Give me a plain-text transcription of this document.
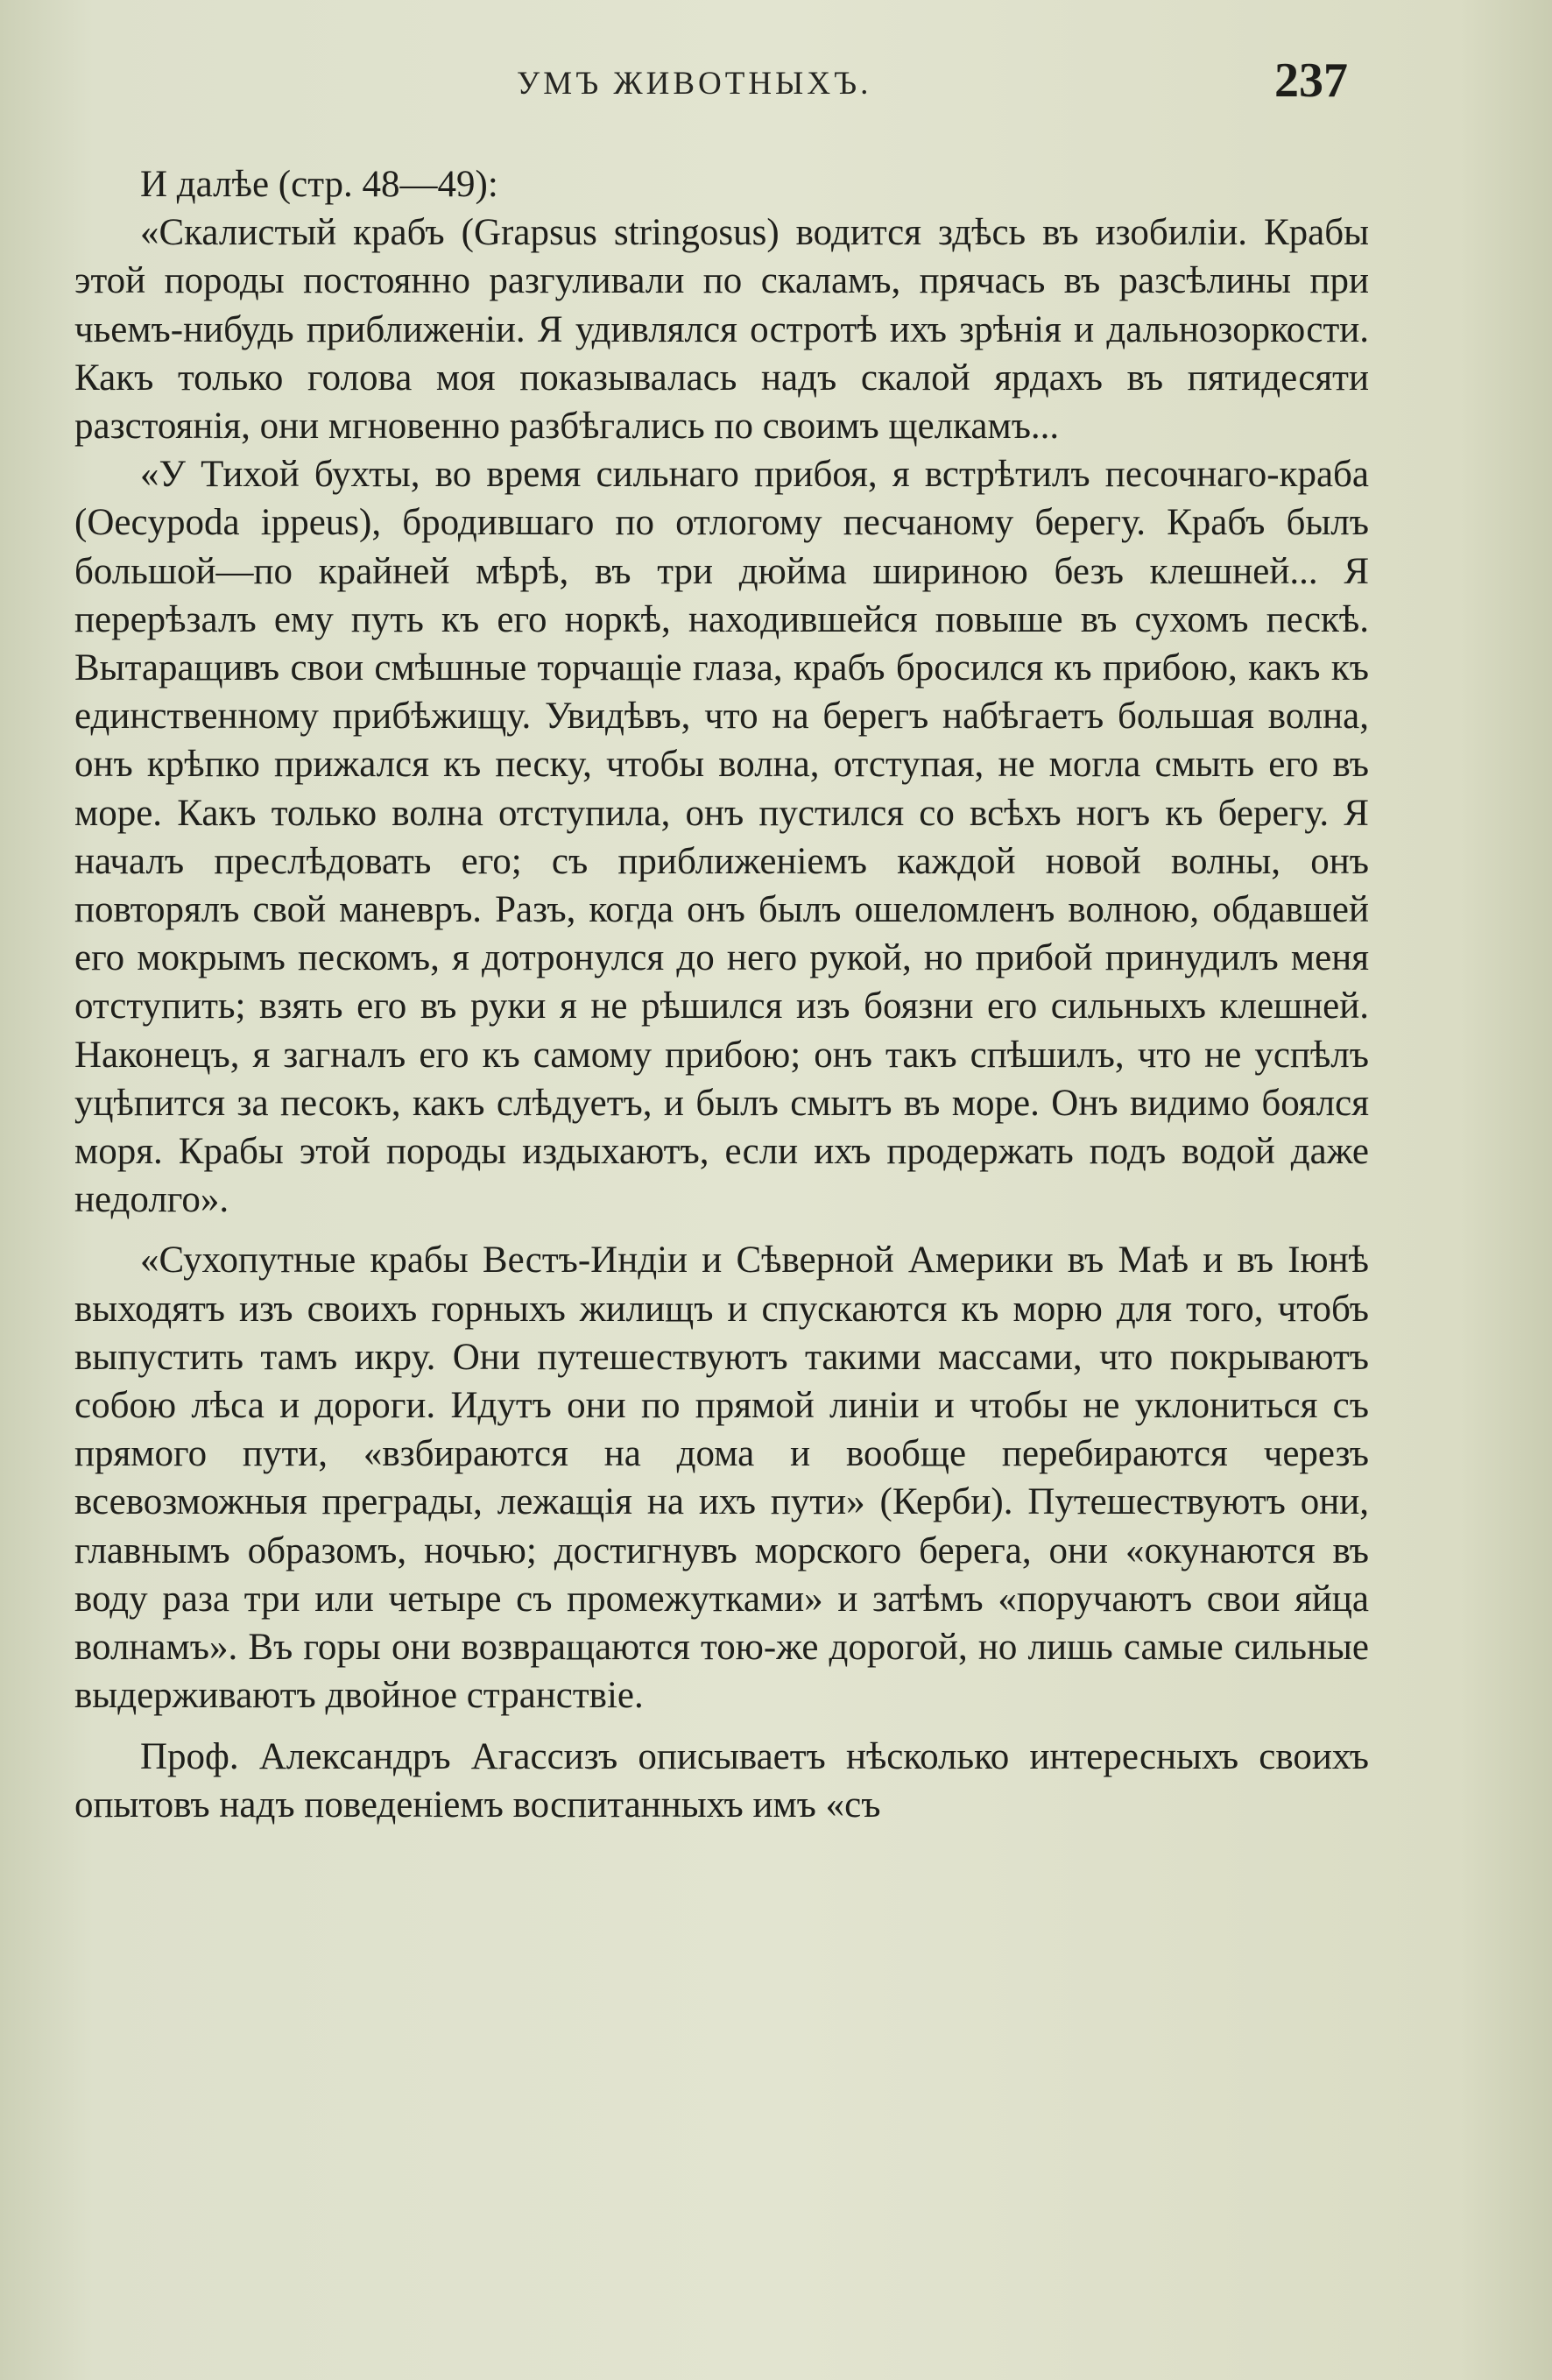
УМЪ ЖИВОТНЫХЪ.	237

И далѣе (стр. 48—49):

«Скалистый крабъ (Grapsus stringosus) водится здѣсь въ изобиліи. Крабы этой породы постоянно разгуливали по скаламъ, прячась въ разсѣлины при чьемъ-нибудь приближеніи. Я удивлялся остротѣ ихъ зрѣнія и дальнозоркости. Какъ только голова моя показывалась надъ скалой ярдахъ въ пятидесяти разстоянія, они мгновенно разбѣгались по своимъ щелкамъ...

«У Тихой бухты, во время сильнаго прибоя, я встрѣтилъ песочнаго-краба (Oecypoda ippeus), бродившаго по отлогому песчаному берегу. Крабъ былъ большой—по крайней мѣрѣ, въ три дюйма шириною безъ клешней... Я перерѣзалъ ему путь къ его норкѣ, находившейся повыше въ сухомъ пескѣ. Вытаращивъ свои смѣшные торчащіе глаза, крабъ бросился къ прибою, какъ къ единственному прибѣжищу. Увидѣвъ, что на берегъ набѣгаетъ большая волна, онъ крѣпко прижался къ песку, чтобы волна, отступая, не могла смыть его въ море. Какъ только волна отступила, онъ пустился со всѣхъ ногъ къ берегу. Я началъ преслѣдовать его; съ приближеніемъ каждой новой волны, онъ повторялъ свой маневръ. Разъ, когда онъ былъ ошеломленъ волною, обдавшей его мокрымъ пескомъ, я дотронулся до него рукой, но прибой принудилъ меня отступить; взять его въ руки я не рѣшился изъ боязни его сильныхъ клешней. Наконецъ, я загналъ его къ самому прибою; онъ такъ спѣшилъ, что не успѣлъ уцѣпится за песокъ, какъ слѣдуетъ, и былъ смытъ въ море. Онъ видимо боялся моря. Крабы этой породы издыхаютъ, если ихъ продержать подъ водой даже недолго».

«Сухопутные крабы Вестъ-Индіи и Сѣверной Америки въ Маѣ и въ Іюнѣ выходятъ изъ своихъ горныхъ жилищъ и спускаются къ морю для того, чтобъ выпустить тамъ икру. Они путешествуютъ такими массами, что покрываютъ собою лѣса и дороги. Идутъ они по прямой линіи и чтобы не уклониться съ прямого пути, «взбираются на дома и вообще перебираются черезъ всевозможныя преграды, лежащія на ихъ пути» (Керби). Путешествуютъ они, главнымъ образомъ, ночью; достигнувъ морского берега, они «окунаются въ воду раза три или четыре съ промежутками» и затѣмъ «поручаютъ свои яйца волнамъ». Въ горы они возвращаются тою-же дорогой, но лишь самые сильные выдерживаютъ двойное странствіе.

Проф. Александръ Агассизъ описываетъ нѣсколько интересныхъ своихъ опытовъ надъ поведеніемъ воспитанныхъ имъ «съ
